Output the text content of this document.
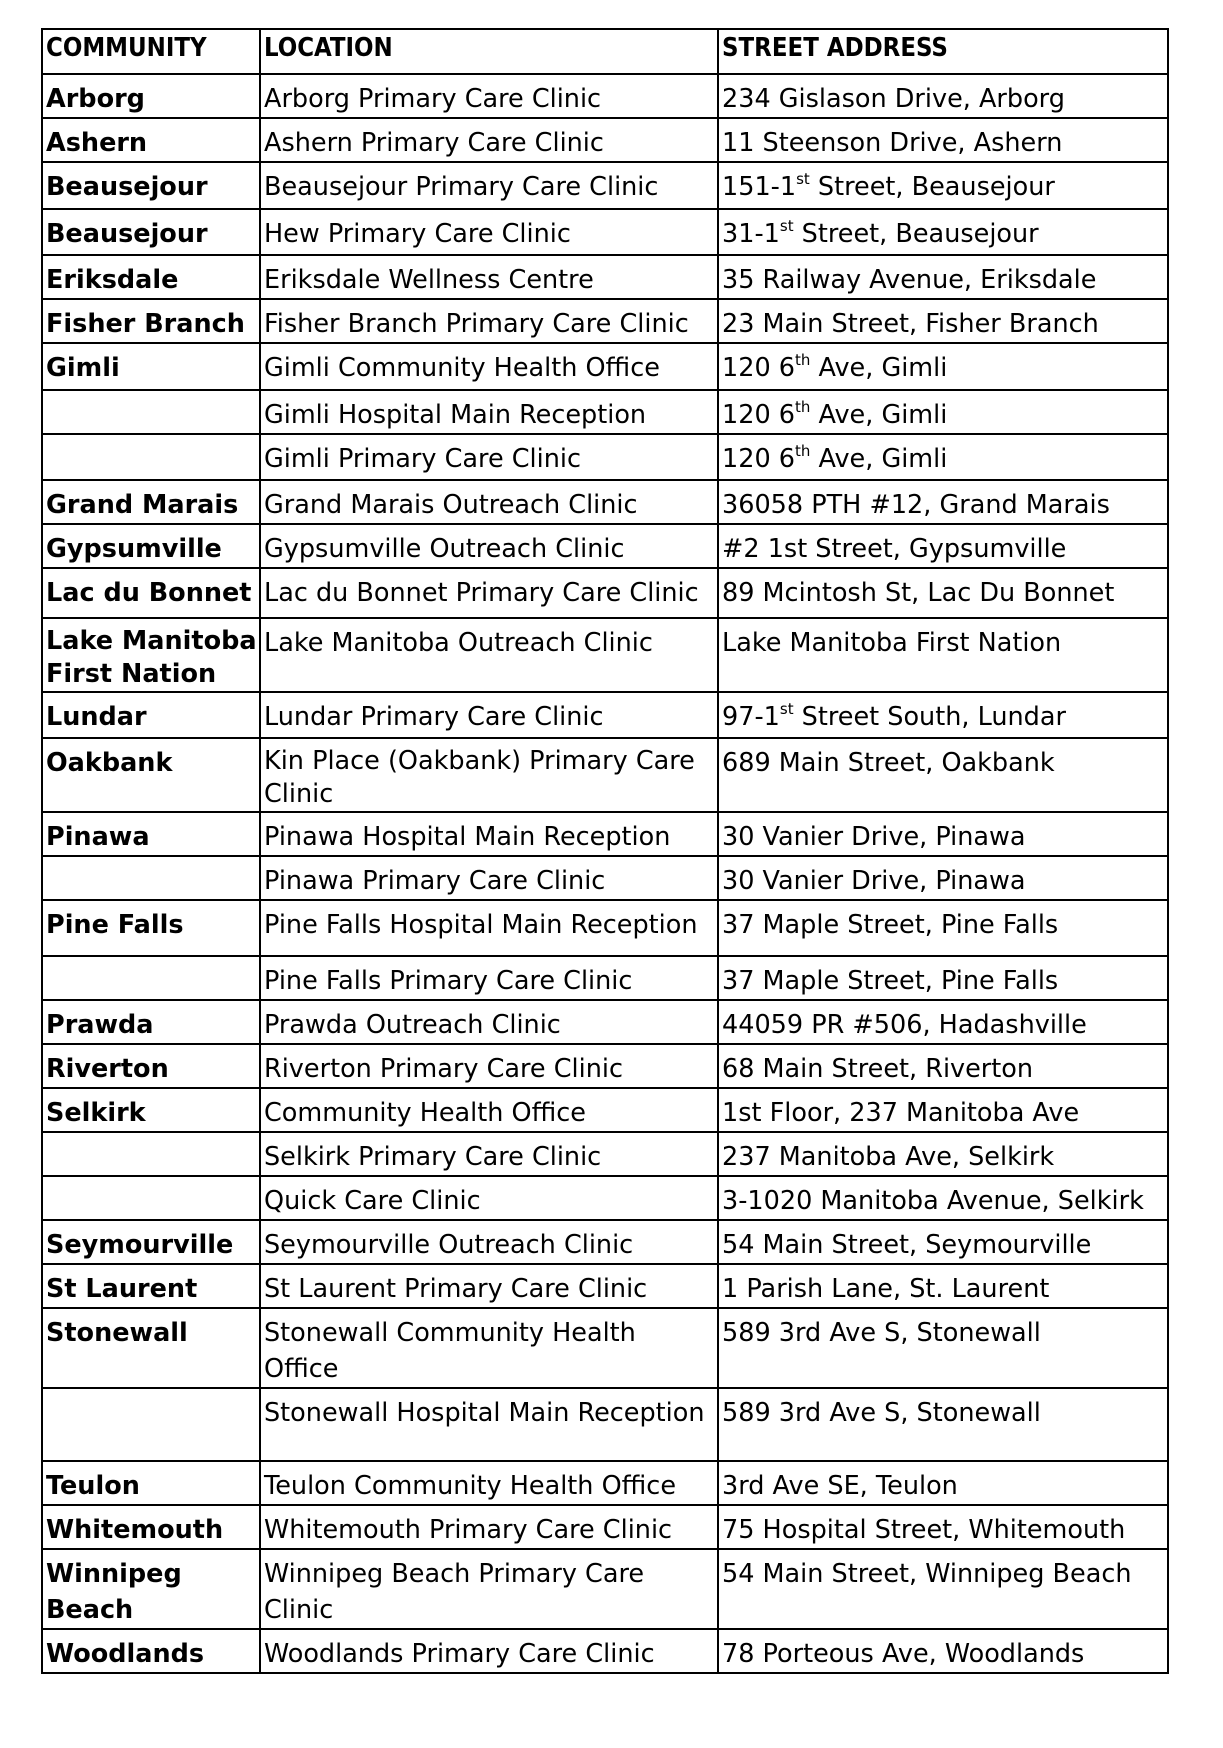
COMMUNITY	LOCATION	STREET ADDRESS
Arborg	Arborg Primary Care Clinic	234 Gislason Drive, Arborg
Ashern	Ashern Primary Care Clinic	11 Steenson Drive, Ashern
Beausejour	Beausejour Primary Care Clinic	151-1st Street, Beausejour
Beausejour	Hew Primary Care Clinic	31-1st Street, Beausejour
Eriksdale	Eriksdale Wellness Centre	35 Railway Avenue, Eriksdale
Fisher Branch	Fisher Branch Primary Care Clinic	23 Main Street, Fisher Branch
Gimli	Gimli Community Health Office	120 6th Ave, Gimli
	Gimli Hospital Main Reception	120 6th Ave, Gimli
	Gimli Primary Care Clinic	120 6th Ave, Gimli
Grand Marais	Grand Marais Outreach Clinic	36058 PTH #12, Grand Marais
Gypsumville	Gypsumville Outreach Clinic	#2 1st Street, Gypsumville
Lac du Bonnet	Lac du Bonnet Primary Care Clinic	89 Mcintosh St, Lac Du Bonnet
Lake Manitoba First Nation	Lake Manitoba Outreach Clinic	Lake Manitoba First Nation
Lundar	Lundar Primary Care Clinic	97-1st Street South, Lundar
Oakbank	Kin Place (Oakbank) Primary Care Clinic	689 Main Street, Oakbank
Pinawa	Pinawa Hospital Main Reception	30 Vanier Drive, Pinawa
	Pinawa Primary Care Clinic	30 Vanier Drive, Pinawa
Pine Falls	Pine Falls Hospital Main Reception	37 Maple Street, Pine Falls
	Pine Falls Primary Care Clinic	37 Maple Street, Pine Falls
Prawda	Prawda Outreach Clinic	44059 PR #506, Hadashville
Riverton	Riverton Primary Care Clinic	68 Main Street, Riverton
Selkirk	Community Health Office	1st Floor, 237 Manitoba Ave
	Selkirk Primary Care Clinic	237 Manitoba Ave, Selkirk
	Quick Care Clinic	3-1020 Manitoba Avenue, Selkirk
Seymourville	Seymourville Outreach Clinic	54 Main Street, Seymourville
St Laurent	St Laurent Primary Care Clinic	1 Parish Lane, St. Laurent
Stonewall	Stonewall Community Health Office	589 3rd Ave S, Stonewall
	Stonewall Hospital Main Reception	589 3rd Ave S, Stonewall
Teulon	Teulon Community Health Office	3rd Ave SE, Teulon
Whitemouth	Whitemouth Primary Care Clinic	75 Hospital Street, Whitemouth
Winnipeg Beach	Winnipeg Beach Primary Care Clinic	54 Main Street, Winnipeg Beach
Woodlands	Woodlands Primary Care Clinic	78 Porteous Ave, Woodlands
